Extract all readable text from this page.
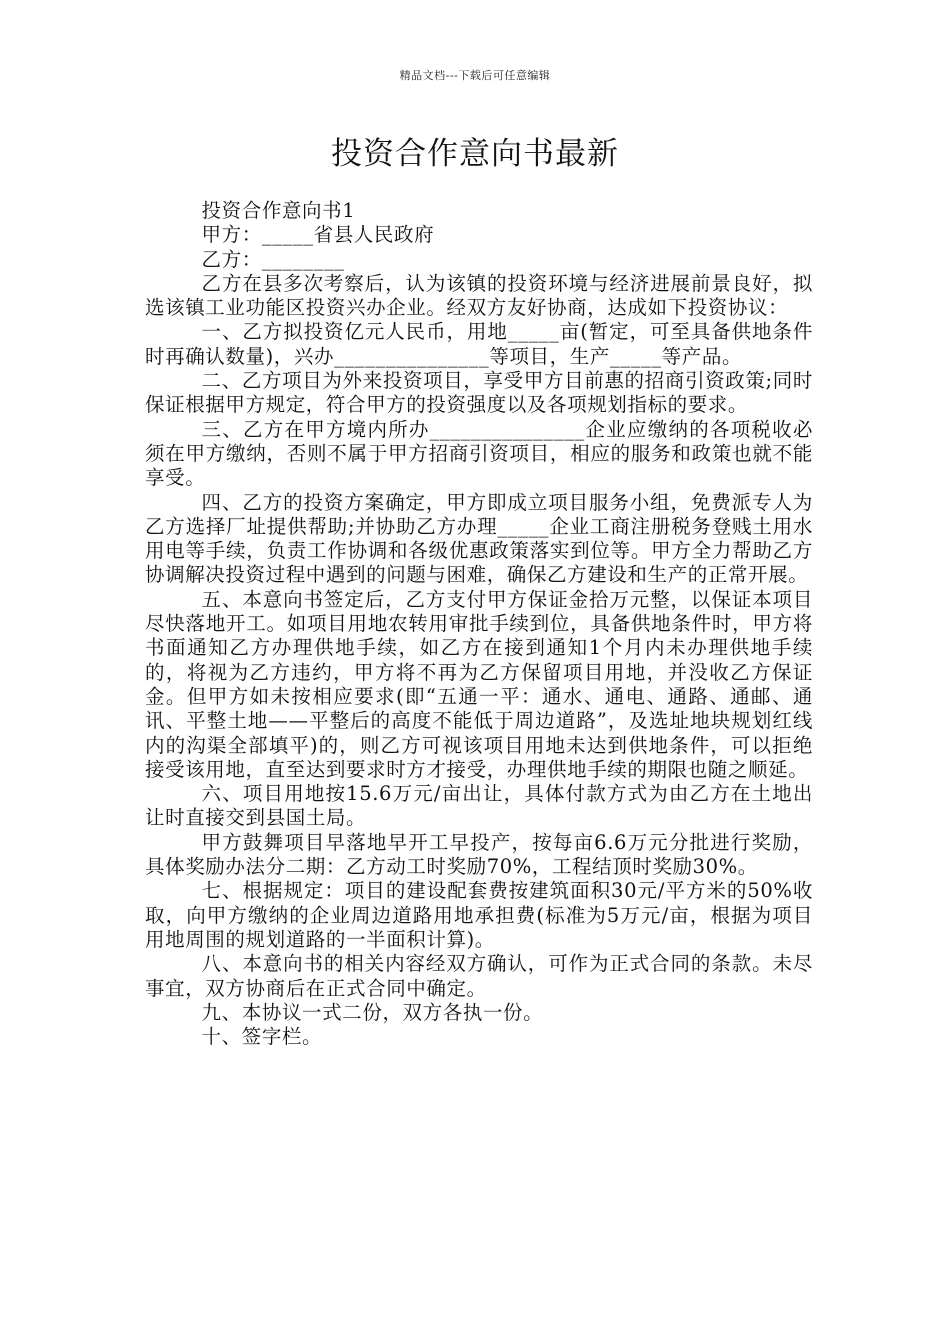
精品文档---下载后可任意编辑
投资合作意向书最新

投资合作意向书1

甲方：_____省县人民政府

乙方：________

乙方在县多次考察后，认为该镇的投资环境与经济进展前景良好，拟选该镇工业功能区投资兴办企业。经双方友好协商，达成如下投资协议：

一、乙方拟投资亿元人民币，用地_____亩(暂定，可至具备供地条件时再确认数量)，兴办_______________等项目，生产_____等产品。

二、乙方项目为外来投资项目，享受甲方目前惠的招商引资政策;同时保证根据甲方规定，符合甲方的投资强度以及各项规划指标的要求。

三、乙方在甲方境内所办_______________企业应缴纳的各项税收必须在甲方缴纳，否则不属于甲方招商引资项目，相应的服务和政策也就不能享受。

四、乙方的投资方案确定，甲方即成立项目服务小组，免费派专人为乙方选择厂址提供帮助;并协助乙方办理_____企业工商注册税务登贱土用水用电等手续，负责工作协调和各级优惠政策落实到位等。甲方全力帮助乙方协调解决投资过程中遇到的问题与困难，确保乙方建设和生产的正常开展。

五、本意向书签定后，乙方支付甲方保证金拾万元整，以保证本项目尽快落地开工。如项目用地农转用审批手续到位，具备供地条件时，甲方将书面通知乙方办理供地手续，如乙方在接到通知1个月内未办理供地手续的，将视为乙方违约，甲方将不再为乙方保留项目用地，并没收乙方保证金。但甲方如未按相应要求(即“五通一平：通水、通电、通路、通邮、通讯、平整土地——平整后的高度不能低于周边道路”，及选址地块规划红线内的沟渠全部填平)的，则乙方可视该项目用地未达到供地条件，可以拒绝接受该用地，直至达到要求时方才接受，办理供地手续的期限也随之顺延。

六、项目用地按15.6万元/亩出让，具体付款方式为由乙方在土地出让时直接交到县国土局。

甲方鼓舞项目早落地早开工早投产，按每亩6.6万元分批进行奖励，具体奖励办法分二期：乙方动工时奖励70%，工程结顶时奖励30%。

七、根据规定：项目的建设配套费按建筑面积30元/平方米的50%收取，向甲方缴纳的企业周边道路用地承担费(标准为5万元/亩，根据为项目用地周围的规划道路的一半面积计算)。

八、本意向书的相关内容经双方确认，可作为正式合同的条款。未尽事宜，双方协商后在正式合同中确定。

九、本协议一式二份，双方各执一份。

十、签字栏。
